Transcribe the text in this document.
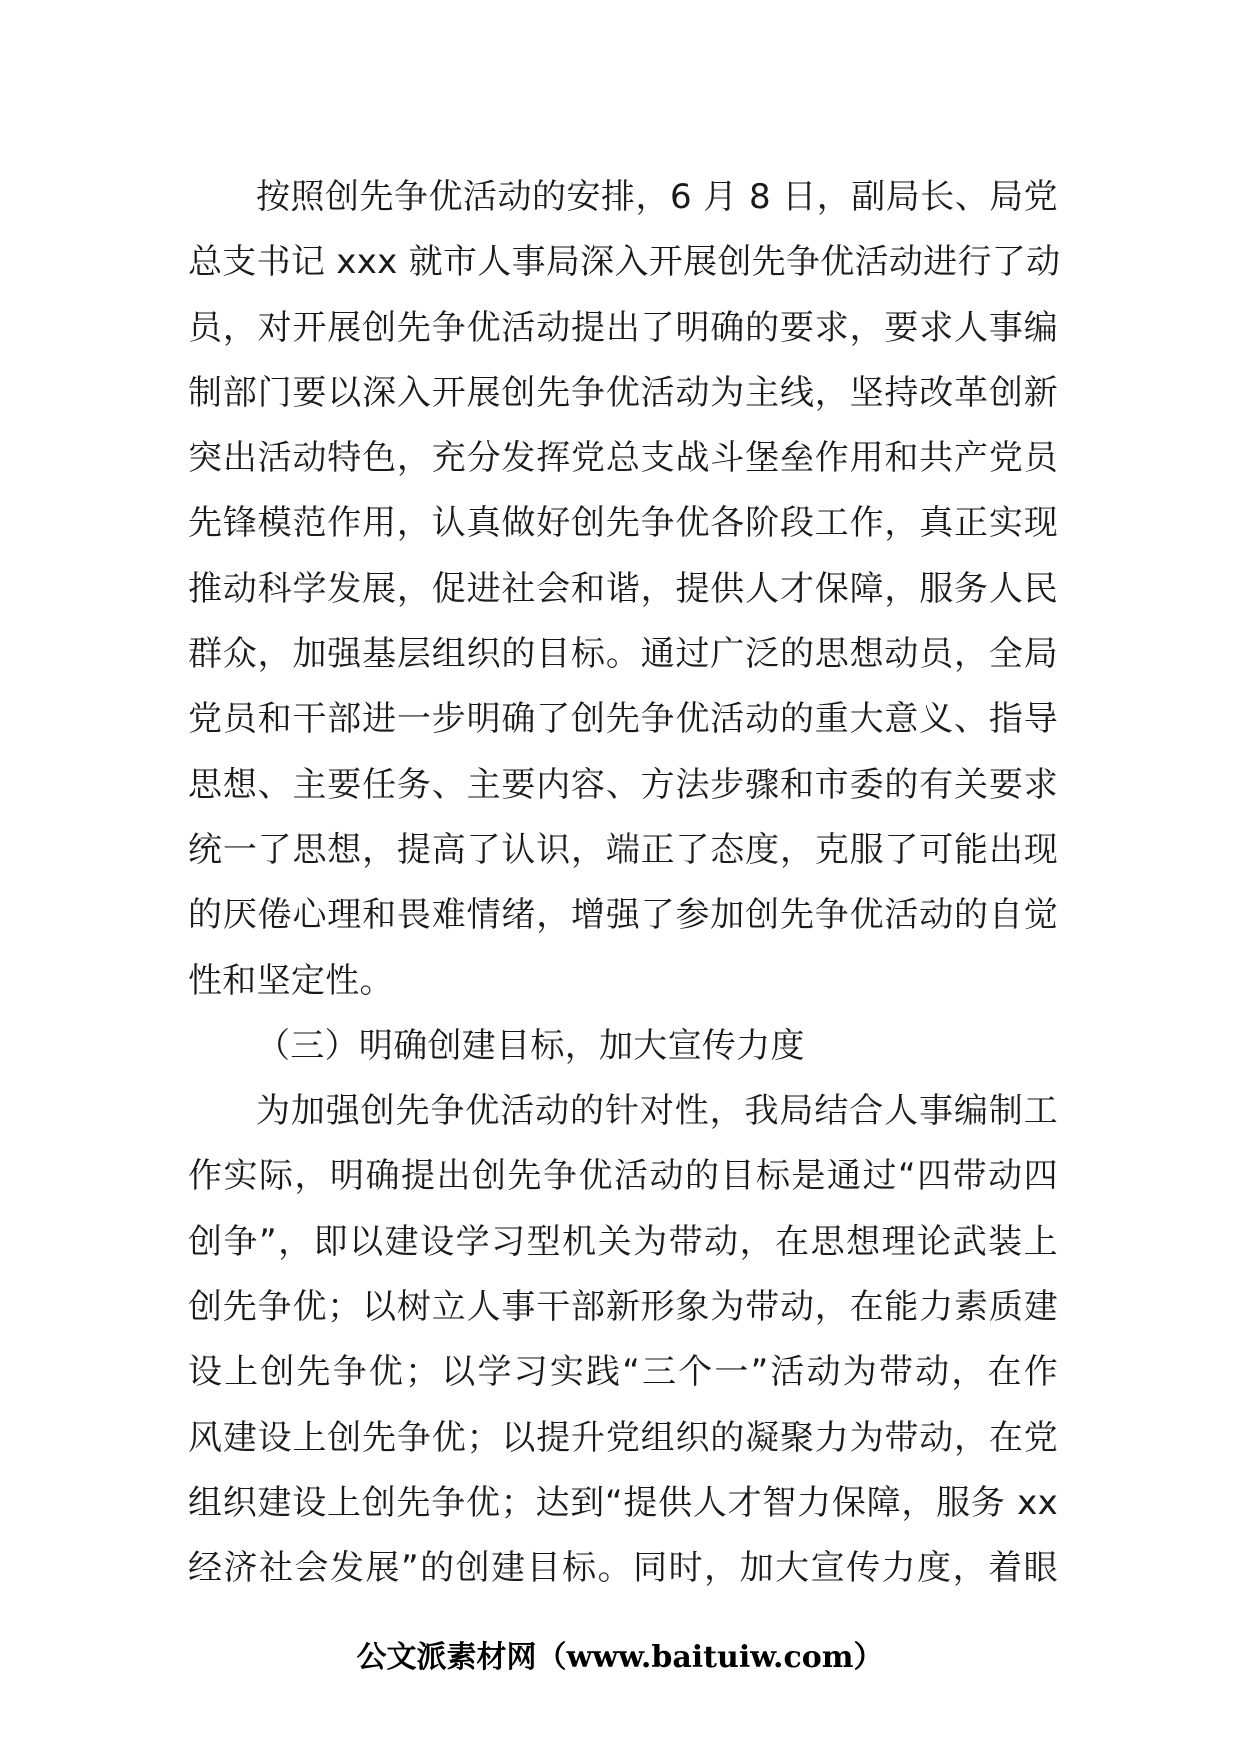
按照创先争优活动的安排，6 月 8 日，副局长、局党
总支书记 xxx 就市人事局深入开展创先争优活动进行了动
员，对开展创先争优活动提出了明确的要求，要求人事编
制部门要以深入开展创先争优活动为主线，坚持改革创新
突出活动特色，充分发挥党总支战斗堡垒作用和共产党员
先锋模范作用，认真做好创先争优各阶段工作，真正实现
推动科学发展，促进社会和谐，提供人才保障，服务人民
群众，加强基层组织的目标。通过广泛的思想动员，全局
党员和干部进一步明确了创先争优活动的重大意义、指导
思想、主要任务、主要内容、方法步骤和市委的有关要求
统一了思想，提高了认识，端正了态度，克服了可能出现
的厌倦心理和畏难情绪，增强了参加创先争优活动的自觉
性和坚定性。
（三）明确创建目标，加大宣传力度
为加强创先争优活动的针对性，我局结合人事编制工
作实际，明确提出创先争优活动的目标是通过“四带动四
创争”，即以建设学习型机关为带动，在思想理论武装上
创先争优；以树立人事干部新形象为带动，在能力素质建
设上创先争优；以学习实践“三个一”活动为带动，在作
风建设上创先争优；以提升党组织的凝聚力为带动，在党
组织建设上创先争优；达到“提供人才智力保障，服务 xx
经济社会发展”的创建目标。同时，加大宣传力度，着眼
公文派素材网（www.baituiw.com）
